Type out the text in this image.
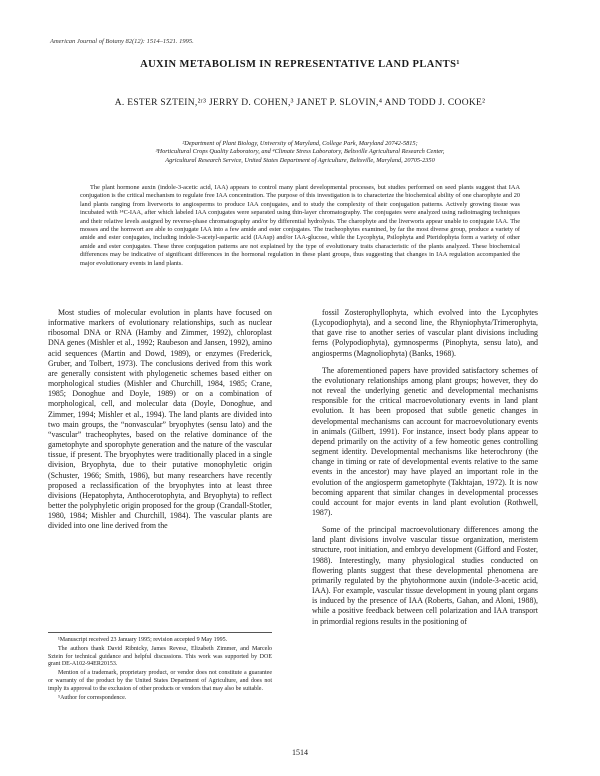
American Journal of Botany 82(12): 1514–1521. 1995.
AUXIN METABOLISM IN REPRESENTATIVE LAND PLANTS¹
A. ESTER SZTEIN,²ʳ³ JERRY D. COHEN,³ JANET P. SLOVIN,⁴ AND TODD J. COOKE²
²Department of Plant Biology, University of Maryland, College Park, Maryland 20742-5815;
³Horticultural Crops Quality Laboratory, and ⁴Climate Stress Laboratory, Beltsville Agricultural Research Center,
Agricultural Research Service, United States Department of Agriculture, Beltsville, Maryland, 20705-2350
The plant hormone auxin (indole-3-acetic acid, IAA) appears to control many plant developmental processes, but studies performed on seed plants suggest that IAA conjugation is the critical mechanism to regulate free IAA concentration. The purpose of this investigation is to characterize the biochemical ability of one charophyte and 20 land plants ranging from liverworts to angiosperms to produce IAA conjugates, and to study the complexity of their conjugation patterns. Actively growing tissue was incubated with ¹⁴C-IAA, after which labeled IAA conjugates were separated using thin-layer chromatography. The conjugates were analyzed using radioimaging techniques and their relative levels assigned by reverse-phase chromatography and/or by differential hydrolysis. The charophyte and the liverworts appear unable to conjugate IAA. The mosses and the hornwort are able to conjugate IAA into a few amide and ester conjugates. The tracheophytes examined, by far the most diverse group, produce a variety of amide and ester conjugates, including indole-3-acetyl-aspartic acid (IAAsp) and/or IAA-glucose, while the Lycophyta, Psilophyta and Pteridophyta form a variety of other amide and ester conjugates. These three conjugation patterns are not explained by the type of evolutionary traits characteristic of the plants analyzed. These biochemical differences may be indicative of significant differences in the hormonal regulation in these plant groups, thus suggesting that changes in IAA regulation accompanied the major evolutionary events in land plants.

Most studies of molecular evolution in plants have focused on informative markers of evolutionary relationships, such as nuclear ribosomal DNA or RNA (Hamby and Zimmer, 1992), chloroplast DNA genes (Mishler et al., 1992; Raubeson and Jansen, 1992), amino acid sequences (Martin and Dowd, 1989), or enzymes (Frederick, Gruber, and Tolbert, 1973). The conclusions derived from this work are generally consistent with phylogenetic schemes based either on morphological studies (Mishler and Churchill, 1984, 1985; Crane, 1985; Donoghue and Doyle, 1989) or on a combination of morphological, cell, and molecular data (Doyle, Donoghue, and Zimmer, 1994; Mishler et al., 1994). The land plants are divided into two main groups, the “nonvascular” bryophytes (sensu lato) and the “vascular” tracheophytes, based on the relative dominance of the gametophyte and sporophyte generation and the nature of the vascular tissue, if present. The bryophytes were traditionally placed in a single division, Bryophyta, due to their putative monophyletic origin (Schuster, 1966; Smith, 1986), but many researchers have recently proposed a reclassification of the bryophytes into at least three divisions (Hepatophyta, Anthocerotophyta, and Bryophyta) to reflect better the polyphyletic origin proposed for the group (Crandall-Stotler, 1980, 1984; Mishler and Churchill, 1984). The vascular plants are divided into one line derived from the

fossil Zosterophyllophyta, which evolved into the Lycophytes (Lycopodiophyta), and a second line, the Rhyniophyta/Trimerophyta, that gave rise to another series of vascular plant divisions including ferns (Polypodiophyta), gymnosperms (Pinophyta, sensu lato), and angiosperms (Magnoliophyta) (Banks, 1968).

The aforementioned papers have provided satisfactory schemes of the evolutionary relationships among plant groups; however, they do not reveal the underlying genetic and developmental mechanisms responsible for the critical macroevolutionary events in land plant evolution. It has been proposed that subtle genetic changes in developmental mechanisms can account for macroevolutionary events in animals (Gilbert, 1991). For instance, insect body plans appear to depend primarily on the activity of a few homeotic genes controlling segment identity. Developmental mechanisms like heterochrony (the change in timing or rate of developmental events relative to the same events in the ancestor) may have played an important role in the evolution of the angiosperm gametophyte (Takhtajan, 1972). It is now becoming apparent that similar changes in developmental processes could account for major events in land plant evolution (Rothwell, 1987).

Some of the principal macroevolutionary differences among the land plant divisions involve vascular tissue organization, meristem structure, root initiation, and embryo development (Gifford and Foster, 1988). Interestingly, many physiological studies conducted on flowering plants suggest that these developmental phenomena are primarily regulated by the phytohormone auxin (indole-3-acetic acid, IAA). For example, vascular tissue development in young plant organs is induced by the presence of IAA (Roberts, Gahan, and Aloni, 1988), while a positive feedback between cell polarization and IAA transport in primordial regions results in the positioning of

¹Manuscript received 23 January 1995; revision accepted 9 May 1995.

The authors thank David Ribnicky, James Revesz, Elizabeth Zimmer, and Marcelo Sztein for technical guidance and helpful discussions. This work was supported by DOE grant DE-A102-94ER20153.

Mention of a trademark, proprietary product, or vendor does not constitute a guarantee or warranty of the product by the United States Department of Agriculture, and does not imply its approval to the exclusion of other products or vendors that may also be suitable.

⁵Author for correspondence.

1514
